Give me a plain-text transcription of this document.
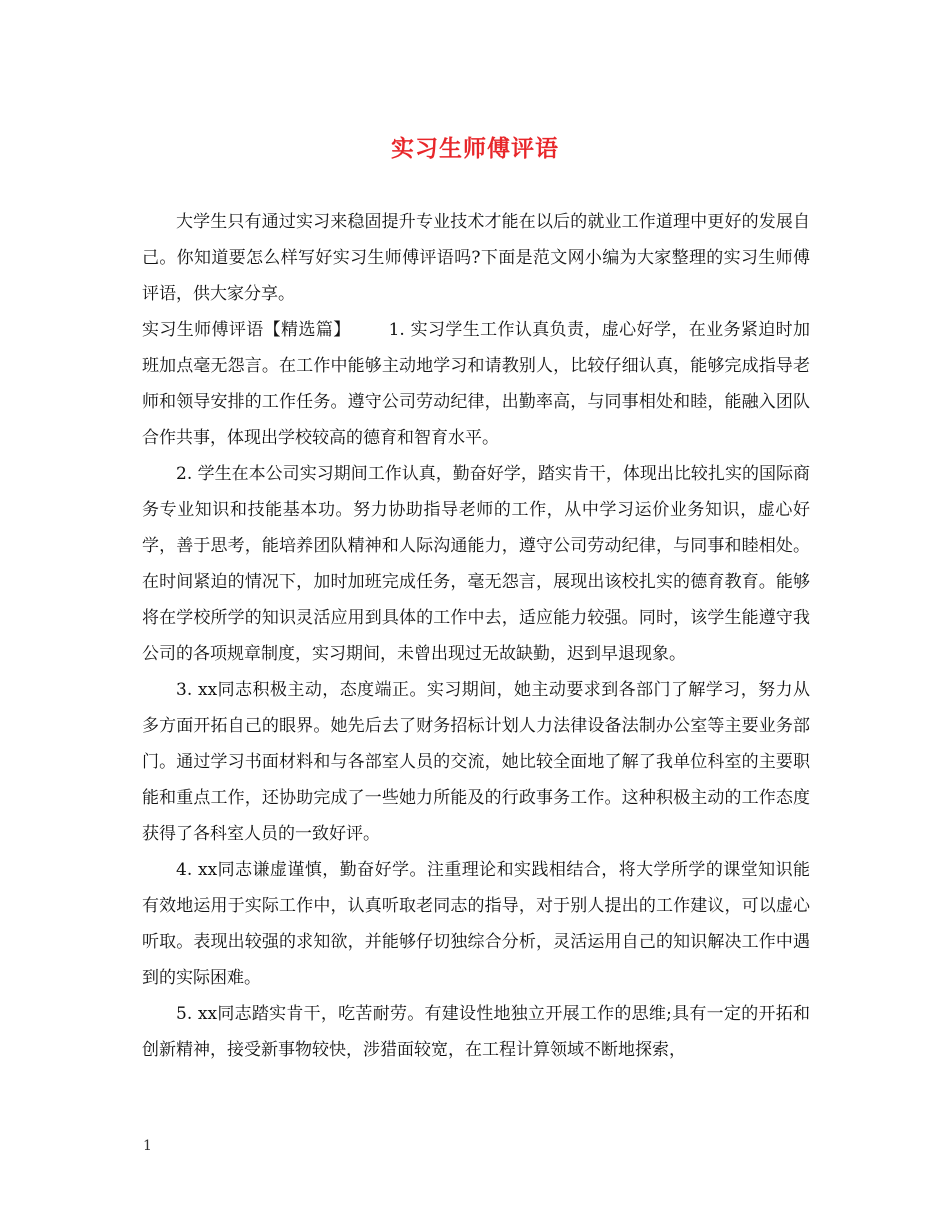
实习生师傅评语

大学生只有通过实习来稳固提升专业技术才能在以后的就业工作道理中更好的发展自己。你知道要怎么样写好实习生师傅评语吗?下面是范文网小编为大家整理的实习生师傅评语，供大家分享。

实习生师傅评语【精选篇】 1. 实习学生工作认真负责，虚心好学，在业务紧迫时加班加点毫无怨言。在工作中能够主动地学习和请教别人，比较仔细认真，能够完成指导老师和领导安排的工作任务。遵守公司劳动纪律，出勤率高，与同事相处和睦，能融入团队合作共事，体现出学校较高的德育和智育水平。

2. 学生在本公司实习期间工作认真，勤奋好学，踏实肯干，体现出比较扎实的国际商务专业知识和技能基本功。努力协助指导老师的工作，从中学习运价业务知识，虚心好学，善于思考，能培养团队精神和人际沟通能力，遵守公司劳动纪律，与同事和睦相处。在时间紧迫的情况下，加时加班完成任务，毫无怨言，展现出该校扎实的德育教育。能够将在学校所学的知识灵活应用到具体的工作中去，适应能力较强。同时，该学生能遵守我公司的各项规章制度，实习期间，未曾出现过无故缺勤，迟到早退现象。

3. xx同志积极主动，态度端正。实习期间，她主动要求到各部门了解学习，努力从多方面开拓自己的眼界。她先后去了财务招标计划人力法律设备法制办公室等主要业务部门。通过学习书面材料和与各部室人员的交流，她比较全面地了解了我单位科室的主要职能和重点工作，还协助完成了一些她力所能及的行政事务工作。这种积极主动的工作态度获得了各科室人员的一致好评。

4. xx同志谦虚谨慎，勤奋好学。注重理论和实践相结合，将大学所学的课堂知识能有效地运用于实际工作中，认真听取老同志的指导，对于别人提出的工作建议，可以虚心听取。表现出较强的求知欲，并能够仔切独综合分析，灵活运用自己的知识解决工作中遇到的实际困难。

5. xx同志踏实肯干，吃苦耐劳。有建设性地独立开展工作的思维;具有一定的开拓和创新精神，接受新事物较快，涉猎面较宽，在工程计算领域不断地探索，

1
